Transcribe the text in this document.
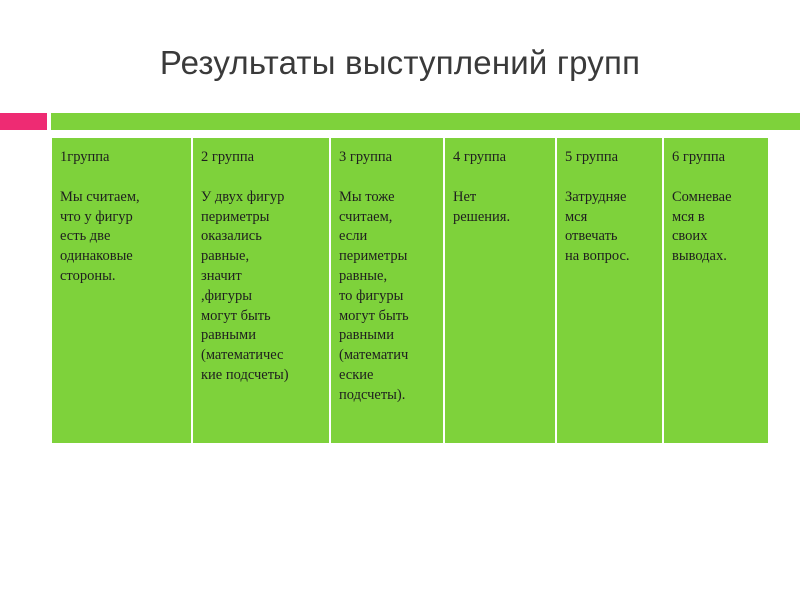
Результаты выступлений групп
1группа
Мы считаем,
что у фигур
есть две
одинаковые
стороны.

2 группа
У двух фигур
периметры
оказались
равные,
значит
,фигуры
могут быть
равными
(математичес
кие подсчеты)

3 группа
Мы тоже
считаем,
если
периметры
равные,
то фигуры
могут быть
равными
(математич
еские
подсчеты).

4 группа
Нет
решения.

5 группа
Затрудняе
мся
отвечать
на вопрос.

6 группа
Сомневае
мся в
своих
выводах.
